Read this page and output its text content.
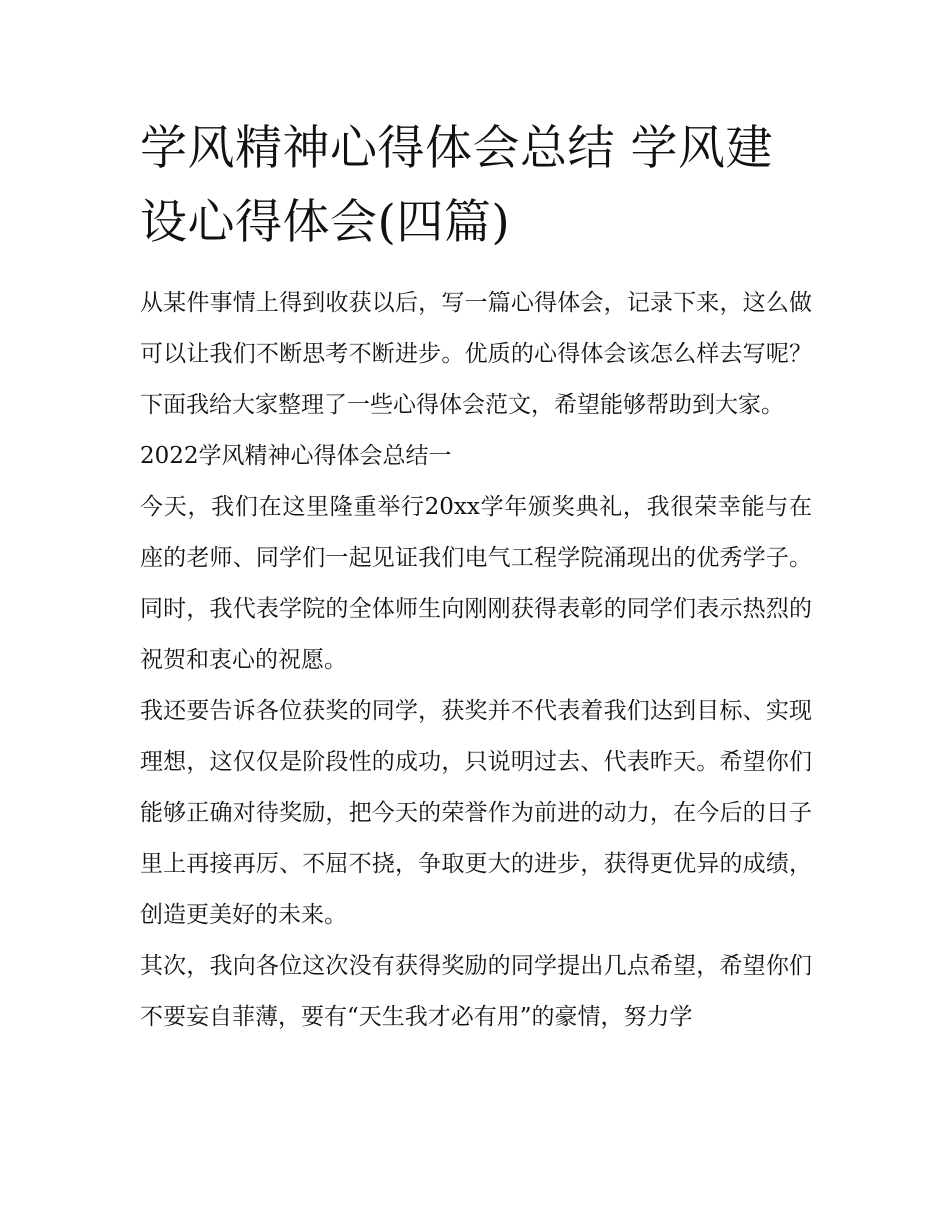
学风精神心得体会总结 学风建设心得体会(四篇)

从某件事情上得到收获以后，写一篇心得体会，记录下来，这么做可以让我们不断思考不断进步。优质的心得体会该怎么样去写呢？下面我给大家整理了一些心得体会范文，希望能够帮助到大家。

2022学风精神心得体会总结一

今天，我们在这里隆重举行20xx学年颁奖典礼，我很荣幸能与在座的老师、同学们一起见证我们电气工程学院涌现出的优秀学子。同时，我代表学院的全体师生向刚刚获得表彰的同学们表示热烈的祝贺和衷心的祝愿。

我还要告诉各位获奖的同学，获奖并不代表着我们达到目标、实现理想，这仅仅是阶段性的成功，只说明过去、代表昨天。希望你们能够正确对待奖励，把今天的荣誉作为前进的动力，在今后的日子里上再接再厉、不屈不挠，争取更大的进步，获得更优异的成绩，创造更美好的未来。

其次，我向各位这次没有获得奖励的同学提出几点希望，希望你们不要妄自菲薄，要有“天生我才必有用”的豪情，努力学
